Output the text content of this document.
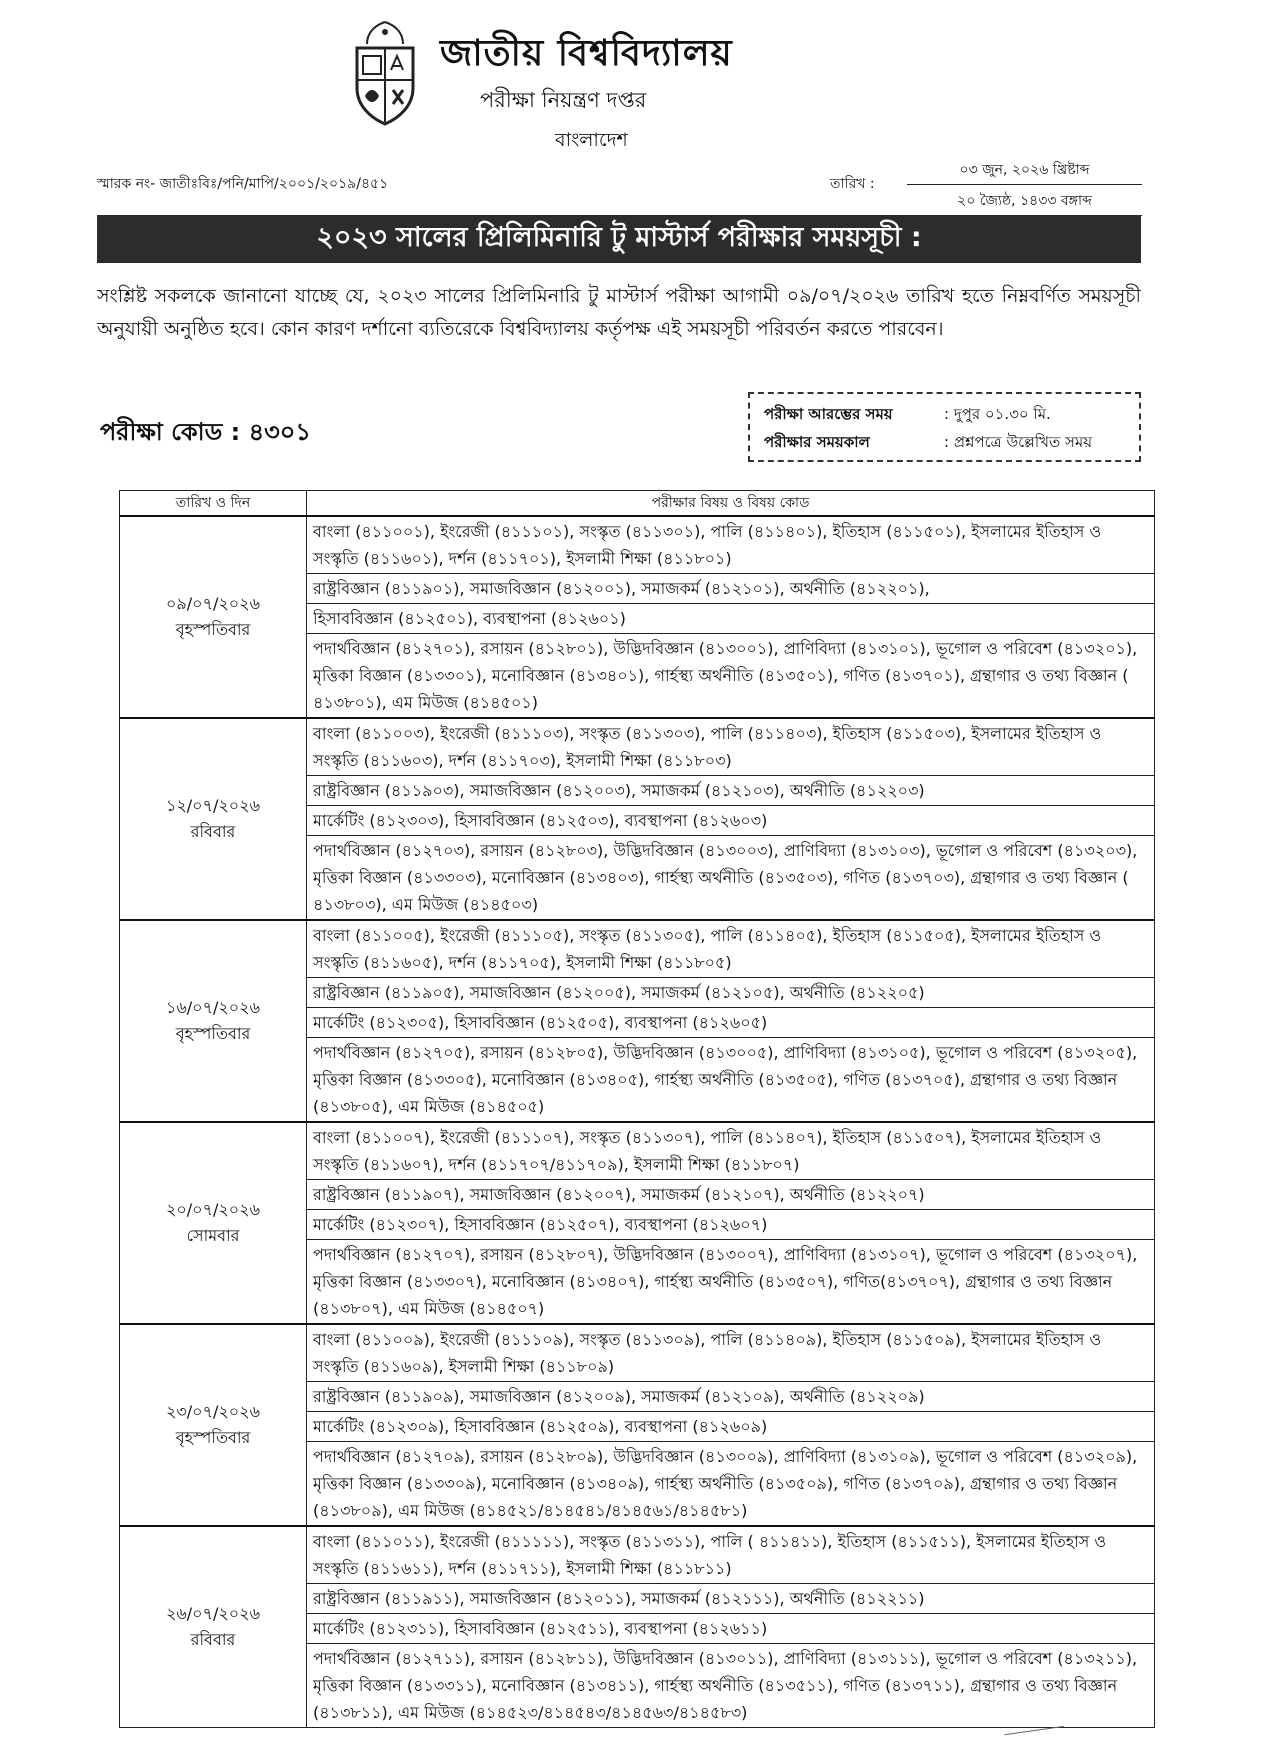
জাতীয় বিশ্ববিদ্যালয়
পরীক্ষা নিয়ন্ত্রণ দপ্তর
বাংলাদেশ
স্মারক নং- জাতীঃবিঃ/পনি/মাপি/২০০১/২০১৯/৪৫১	তারিখ :
০৩ জুন, ২০২৬ খ্রিষ্টাব্দ
২০ জ্যৈষ্ঠ, ১৪৩৩ বঙ্গাব্দ
২০২৩ সালের প্রিলিমিনারি টু মাস্টার্স পরীক্ষার সময়সূচী :

সংশ্লিষ্ট সকলকে জানানো যাচ্ছে যে, ২০২৩ সালের প্রিলিমিনারি টু মাস্টার্স পরীক্ষা আগামী ০৯/০৭/২০২৬ তারিখ হতে নিম্নবর্ণিত সময়সূচী অনুযায়ী অনুষ্ঠিত হবে। কোন কারণ দর্শানো ব্যতিরেকে বিশ্ববিদ্যালয় কর্তৃপক্ষ এই সময়সূচী পরিবর্তন করতে পারবেন।

পরীক্ষা কোড : ৪৩০১
পরীক্ষা আরম্ভের সময়	: দুপুর ০১.৩০ মি.
পরীক্ষার সময়কাল	: প্রশ্নপত্রে উল্লেখিত সময়
তারিখ ও দিন	পরীক্ষার বিষয় ও বিষয় কোড

০৯/০৭/২০২৬
বৃহস্পতিবার	বাংলা (৪১১০০১), ইংরেজী (৪১১১০১), সংস্কৃত (৪১১৩০১), পালি (৪১১৪০১), ইতিহাস (৪১১৫০১), ইসলামের ইতিহাস ও সংস্কৃতি (৪১১৬০১), দর্শন (৪১১৭০১), ইসলামী শিক্ষা (৪১১৮০১)
	রাষ্ট্রবিজ্ঞান (৪১১৯০১), সমাজবিজ্ঞান (৪১২০০১), সমাজকর্ম (৪১২১০১), অর্থনীতি (৪১২২০১),
	হিসাববিজ্ঞান (৪১২৫০১), ব্যবস্থাপনা (৪১২৬০১)
	পদার্থবিজ্ঞান (৪১২৭০১), রসায়ন (৪১২৮০১), উদ্ভিদবিজ্ঞান (৪১৩০০১), প্রাণিবিদ্যা (৪১৩১০১), ভূগোল ও পরিবেশ (৪১৩২০১), মৃত্তিকা বিজ্ঞান (৪১৩৩০১), মনোবিজ্ঞান (৪১৩৪০১), গার্হস্থ্য অর্থনীতি (৪১৩৫০১), গণিত (৪১৩৭০১), গ্রন্থাগার ও তথ্য বিজ্ঞান ( ৪১৩৮০১), এম মিউজ (৪১৪৫০১)

১২/০৭/২০২৬
রবিবার	বাংলা (৪১১০০৩), ইংরেজী (৪১১১০৩), সংস্কৃত (৪১১৩০৩), পালি (৪১১৪০৩), ইতিহাস (৪১১৫০৩), ইসলামের ইতিহাস ও সংস্কৃতি (৪১১৬০৩), দর্শন (৪১১৭০৩), ইসলামী শিক্ষা (৪১১৮০৩)
	রাষ্ট্রবিজ্ঞান (৪১১৯০৩), সমাজবিজ্ঞান (৪১২০০৩), সমাজকর্ম (৪১২১০৩), অর্থনীতি (৪১২২০৩)
	মার্কেটিং (৪১২৩০৩), হিসাববিজ্ঞান (৪১২৫০৩), ব্যবস্থাপনা (৪১২৬০৩)
	পদার্থবিজ্ঞান (৪১২৭০৩), রসায়ন (৪১২৮০৩), উদ্ভিদবিজ্ঞান (৪১৩০০৩), প্রাণিবিদ্যা (৪১৩১০৩), ভূগোল ও পরিবেশ (৪১৩২০৩), মৃত্তিকা বিজ্ঞান (৪১৩৩০৩), মনোবিজ্ঞান (৪১৩৪০৩), গার্হস্থ্য অর্থনীতি (৪১৩৫০৩), গণিত (৪১৩৭০৩), গ্রন্থাগার ও তথ্য বিজ্ঞান ( ৪১৩৮০৩), এম মিউজ (৪১৪৫০৩)

১৬/০৭/২০২৬
বৃহস্পতিবার	বাংলা (৪১১০০৫), ইংরেজী (৪১১১০৫), সংস্কৃত (৪১১৩০৫), পালি (৪১১৪০৫), ইতিহাস (৪১১৫০৫), ইসলামের ইতিহাস ও সংস্কৃতি (৪১১৬০৫), দর্শন (৪১১৭০৫), ইসলামী শিক্ষা (৪১১৮০৫)
	রাষ্ট্রবিজ্ঞান (৪১১৯০৫), সমাজবিজ্ঞান (৪১২০০৫), সমাজকর্ম (৪১২১০৫), অর্থনীতি (৪১২২০৫)
	মার্কেটিং (৪১২৩০৫), হিসাববিজ্ঞান (৪১২৫০৫), ব্যবস্থাপনা (৪১২৬০৫)
	পদার্থবিজ্ঞান (৪১২৭০৫), রসায়ন (৪১২৮০৫), উদ্ভিদবিজ্ঞান (৪১৩০০৫), প্রাণিবিদ্যা (৪১৩১০৫), ভূগোল ও পরিবেশ (৪১৩২০৫), মৃত্তিকা বিজ্ঞান (৪১৩৩০৫), মনোবিজ্ঞান (৪১৩৪০৫), গার্হস্থ্য অর্থনীতি (৪১৩৫০৫), গণিত (৪১৩৭০৫), গ্রন্থাগার ও তথ্য বিজ্ঞান (৪১৩৮০৫), এম মিউজ (৪১৪৫০৫)

২০/০৭/২০২৬
সোমবার	বাংলা (৪১১০০৭), ইংরেজী (৪১১১০৭), সংস্কৃত (৪১১৩০৭), পালি (৪১১৪০৭), ইতিহাস (৪১১৫০৭), ইসলামের ইতিহাস ও সংস্কৃতি (৪১১৬০৭), দর্শন (৪১১৭০৭/৪১১৭০৯), ইসলামী শিক্ষা (৪১১৮০৭)
	রাষ্ট্রবিজ্ঞান (৪১১৯০৭), সমাজবিজ্ঞান (৪১২০০৭), সমাজকর্ম (৪১২১০৭), অর্থনীতি (৪১২২০৭)
	মার্কেটিং (৪১২৩০৭), হিসাববিজ্ঞান (৪১২৫০৭), ব্যবস্থাপনা (৪১২৬০৭)
	পদার্থবিজ্ঞান (৪১২৭০৭), রসায়ন (৪১২৮০৭), উদ্ভিদবিজ্ঞান (৪১৩০০৭), প্রাণিবিদ্যা (৪১৩১০৭), ভূগোল ও পরিবেশ (৪১৩২০৭), মৃত্তিকা বিজ্ঞান (৪১৩৩০৭), মনোবিজ্ঞান (৪১৩৪০৭), গার্হস্থ্য অর্থনীতি (৪১৩৫০৭), গণিত(৪১৩৭০৭), গ্রন্থাগার ও তথ্য বিজ্ঞান (৪১৩৮০৭), এম মিউজ (৪১৪৫০৭)

২৩/০৭/২০২৬
বৃহস্পতিবার	বাংলা (৪১১০০৯), ইংরেজী (৪১১১০৯), সংস্কৃত (৪১১৩০৯), পালি (৪১১৪০৯), ইতিহাস (৪১১৫০৯), ইসলামের ইতিহাস ও সংস্কৃতি (৪১১৬০৯), ইসলামী শিক্ষা (৪১১৮০৯)
	রাষ্ট্রবিজ্ঞান (৪১১৯০৯), সমাজবিজ্ঞান (৪১২০০৯), সমাজকর্ম (৪১২১০৯), অর্থনীতি (৪১২২০৯)
	মার্কেটিং (৪১২৩০৯), হিসাববিজ্ঞান (৪১২৫০৯), ব্যবস্থাপনা (৪১২৬০৯)
	পদার্থবিজ্ঞান (৪১২৭০৯), রসায়ন (৪১২৮০৯), উদ্ভিদবিজ্ঞান (৪১৩০০৯), প্রাণিবিদ্যা (৪১৩১০৯), ভূগোল ও পরিবেশ (৪১৩২০৯), মৃত্তিকা বিজ্ঞান (৪১৩৩০৯), মনোবিজ্ঞান (৪১৩৪০৯), গার্হস্থ্য অর্থনীতি (৪১৩৫০৯), গণিত (৪১৩৭০৯), গ্রন্থাগার ও তথ্য বিজ্ঞান (৪১৩৮০৯), এম মিউজ (৪১৪৫২১/৪১৪৫৪১/৪১৪৫৬১/৪১৪৫৮১)

২৬/০৭/২০২৬
রবিবার	বাংলা (৪১১০১১), ইংরেজী (৪১১১১১), সংস্কৃত (৪১১৩১১), পালি ( ৪১১৪১১), ইতিহাস (৪১১৫১১), ইসলামের ইতিহাস ও সংস্কৃতি (৪১১৬১১), দর্শন (৪১১৭১১), ইসলামী শিক্ষা (৪১১৮১১)
	রাষ্ট্রবিজ্ঞান (৪১১৯১১), সমাজবিজ্ঞান (৪১২০১১), সমাজকর্ম (৪১২১১১), অর্থনীতি (৪১২২১১)
	মার্কেটিং (৪১২৩১১), হিসাববিজ্ঞান (৪১২৫১১), ব্যবস্থাপনা (৪১২৬১১)
	পদার্থবিজ্ঞান (৪১২৭১১), রসায়ন (৪১২৮১১), উদ্ভিদবিজ্ঞান (৪১৩০১১), প্রাণিবিদ্যা (৪১৩১১১), ভূগোল ও পরিবেশ (৪১৩২১১), মৃত্তিকা বিজ্ঞান (৪১৩৩১১), মনোবিজ্ঞান (৪১৩৪১১), গার্হস্থ্য অর্থনীতি (৪১৩৫১১), গণিত (৪১৩৭১১), গ্রন্থাগার ও তথ্য বিজ্ঞান (৪১৩৮১১), এম মিউজ (৪১৪৫২৩/৪১৪৫৪৩/৪১৪৫৬৩/৪১৪৫৮৩)
